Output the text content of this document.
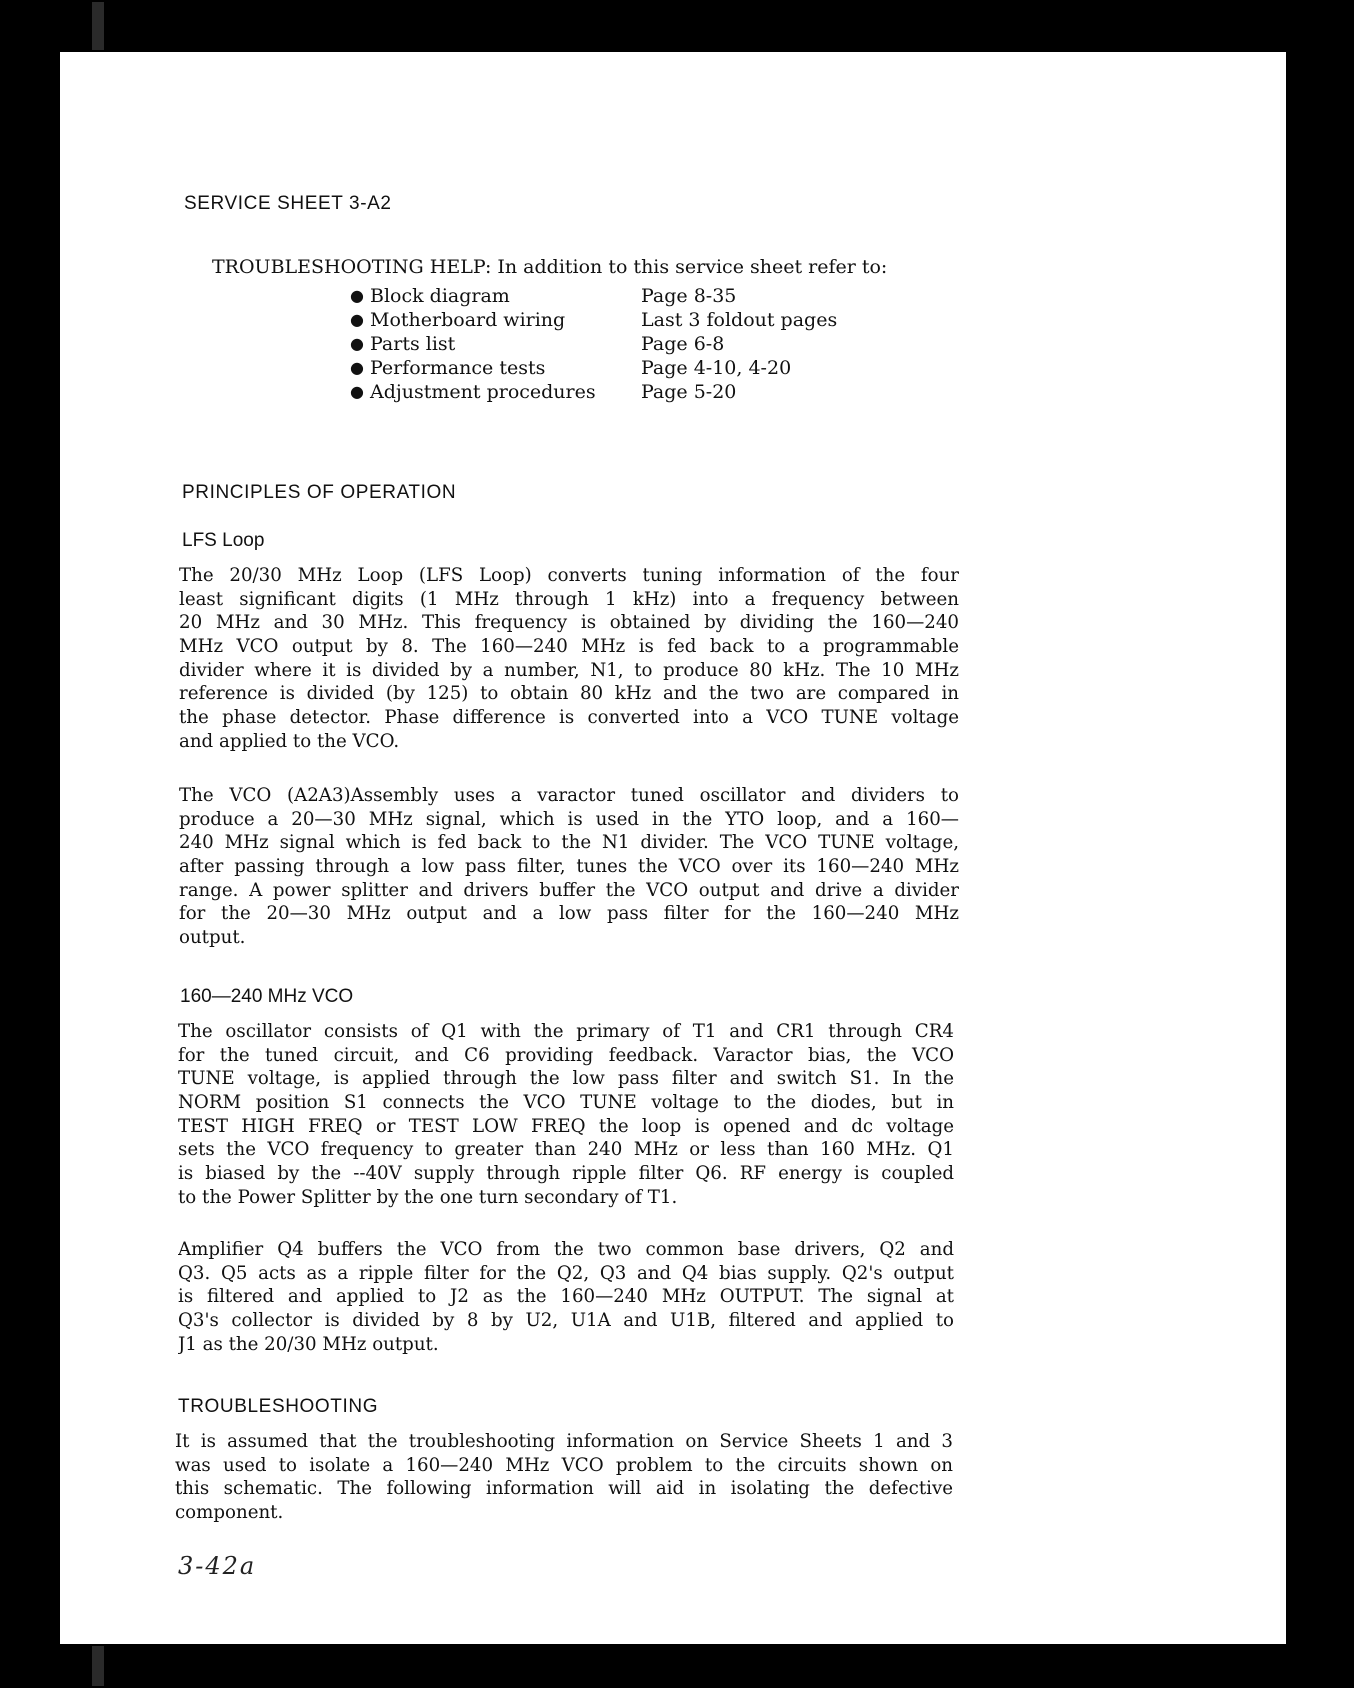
SERVICE SHEET 3-A2

TROUBLESHOOTING HELP: In addition to this service sheet refer to:

● Block diagram	Page 8-35
● Motherboard wiring	Last 3 foldout pages
● Parts list	Page 6-8
● Performance tests	Page 4-10, 4-20
● Adjustment procedures Page 5-20
PRINCIPLES OF OPERATION
LFS Loop

The 20/30 MHz Loop (LFS Loop) converts tuning information of the four
least significant digits (1 MHz through 1 kHz) into a frequency between
20 MHz and 30 MHz. This frequency is obtained by dividing the 160—240
MHz VCO output by 8. The 160—240 MHz is fed back to a programmable
divider where it is divided by a number, N1, to produce 80 kHz. The 10 MHz
reference is divided (by 125) to obtain 80 kHz and the two are compared in
the phase detector. Phase difference is converted into a VCO TUNE voltage
and applied to the VCO.

The VCO (A2A3)Assembly uses a varactor tuned oscillator and dividers to
produce a 20—30 MHz signal, which is used in the YTO loop, and a 160—
240 MHz signal which is fed back to the N1 divider. The VCO TUNE voltage,
after passing through a low pass filter, tunes the VCO over its 160—240 MHz
range. A power splitter and drivers buffer the VCO output and drive a divider
for the 20—30 MHz output and a low pass filter for the 160—240 MHz
output.

160—240 MHz VCO

The oscillator consists of Q1 with the primary of T1 and CR1 through CR4
for the tuned circuit, and C6 providing feedback. Varactor bias, the VCO
TUNE voltage, is applied through the low pass filter and switch S1. In the
NORM position S1 connects the VCO TUNE voltage to the diodes, but in
TEST HIGH FREQ or TEST LOW FREQ the loop is opened and dc voltage
sets the VCO frequency to greater than 240 MHz or less than 160 MHz. Q1
is biased by the --40V supply through ripple filter Q6. RF energy is coupled
to the Power Splitter by the one turn secondary of T1.

Amplifier Q4 buffers the VCO from the two common base drivers, Q2 and
Q3. Q5 acts as a ripple filter for the Q2, Q3 and Q4 bias supply. Q2's output
is filtered and applied to J2 as the 160—240 MHz OUTPUT. The signal at
Q3's collector is divided by 8 by U2, U1A and U1B, filtered and applied to
J1 as the 20/30 MHz output.

TROUBLESHOOTING

It is assumed that the troubleshooting information on Service Sheets 1 and 3
was used to isolate a 160—240 MHz VCO problem to the circuits shown on
this schematic. The following information will aid in isolating the defective
component.

3-42a
